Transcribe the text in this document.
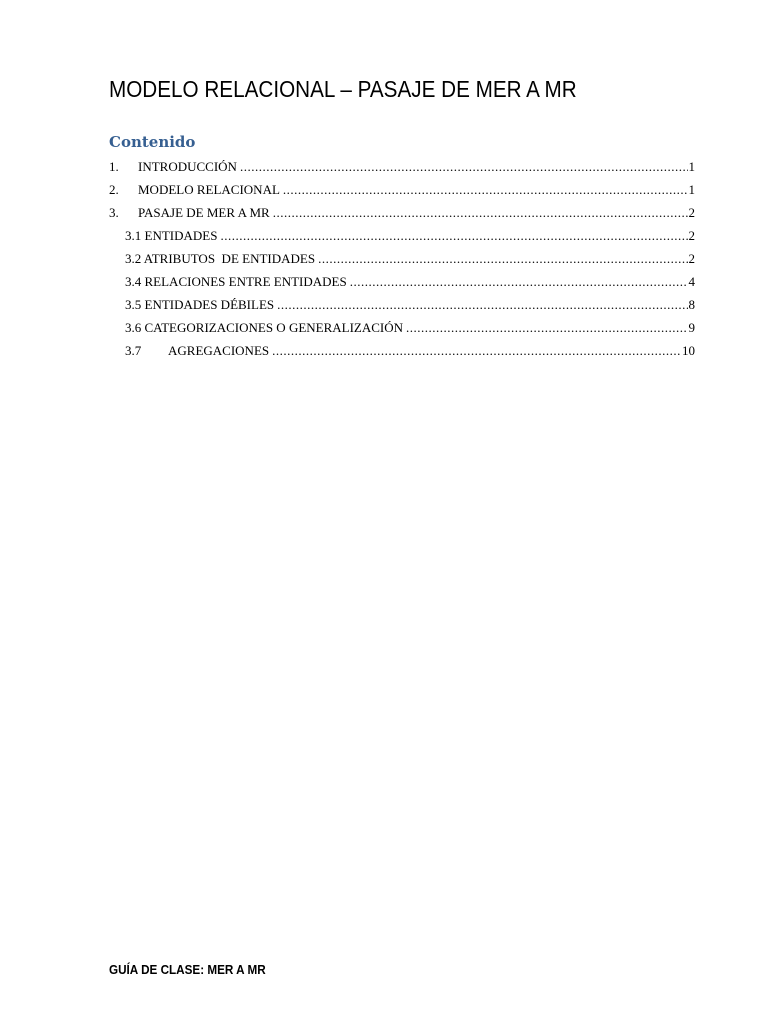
MODELO RELACIONAL – PASAJE DE MER A MR
Contenido
1.	INTRODUCCIÓN .....	1
2.	MODELO RELACIONAL .....	1
3.	PASAJE DE MER A MR .....	2
3.1 ENTIDADES .....	2
3.2 ATRIBUTOS  DE ENTIDADES .....	2
3.4 RELACIONES ENTRE ENTIDADES .....	4
3.5 ENTIDADES DÉBILES .....	8
3.6 CATEGORIZACIONES O GENERALIZACIÓN .....	9
3.7	AGREGACIONES .....	10
GUÍA DE CLASE: MER A MR
